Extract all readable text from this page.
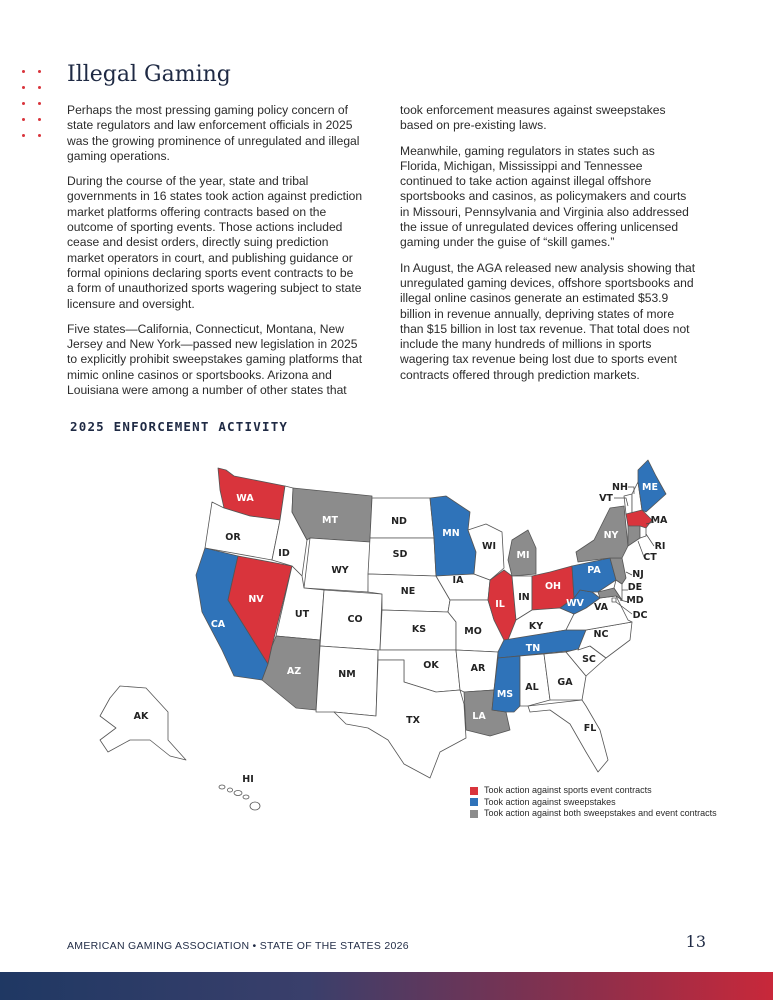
Illegal Gaming

Perhaps the most pressing gaming policy concern of state regulators and law enforcement officials in 2025 was the growing prominence of unregulated and illegal gaming operations.

During the course of the year, state and tribal governments in 16 states took action against prediction market platforms offering contracts based on the outcome of sporting events. Those actions included cease and desist orders, directly suing prediction market operators in court, and publishing guidance or formal opinions declaring sports event contracts to be a form of unauthorized sports wagering subject to state licensure and oversight.

Five states—California, Connecticut, Montana, New Jersey and New York—passed new legislation in 2025 to explicitly prohibit sweepstakes gaming platforms that mimic online casinos or sportsbooks. Arizona and Louisiana were among a number of other states that

took enforcement measures against sweepstakes based on pre-existing laws.

Meanwhile, gaming regulators in states such as Florida, Michigan, Mississippi and Tennessee continued to take action against illegal offshore sportsbooks and casinos, as policymakers and courts in Missouri, Pennsylvania and Virginia also addressed the issue of unregulated devices offering unlicensed gaming under the guise of “skill games.”

In August, the AGA released new analysis showing that unregulated gaming devices, offshore sportsbooks and illegal online casinos generate an estimated $53.9 billion in revenue annually, depriving states of more than $15 billion in lost tax revenue. That total does not include the many hundreds of millions in sports wagering tax revenue being lost due to sports event contracts offered through prediction markets.

2025 ENFORCEMENT ACTIVITY
WA
OR
CA
NV
ID
MT
WY
UT
AZ
CO
NM
ND
SD
NE
KS
OK
TX
MN
IA
MO
AR
LA
WI
IL
MI
IN
OH
KY
TN
MS
AL GA
FL
SC
NC
VA
WV
PA
NY
VT
NH ME
MA
RI
CT
NJ
DE
MD
DC
AK
HI
Took action against sports event contracts
Took action against sweepstakes
Took action against both sweepstakes and event contracts
AMERICAN GAMING ASSOCIATION • STATE OF THE STATES 2026	13
